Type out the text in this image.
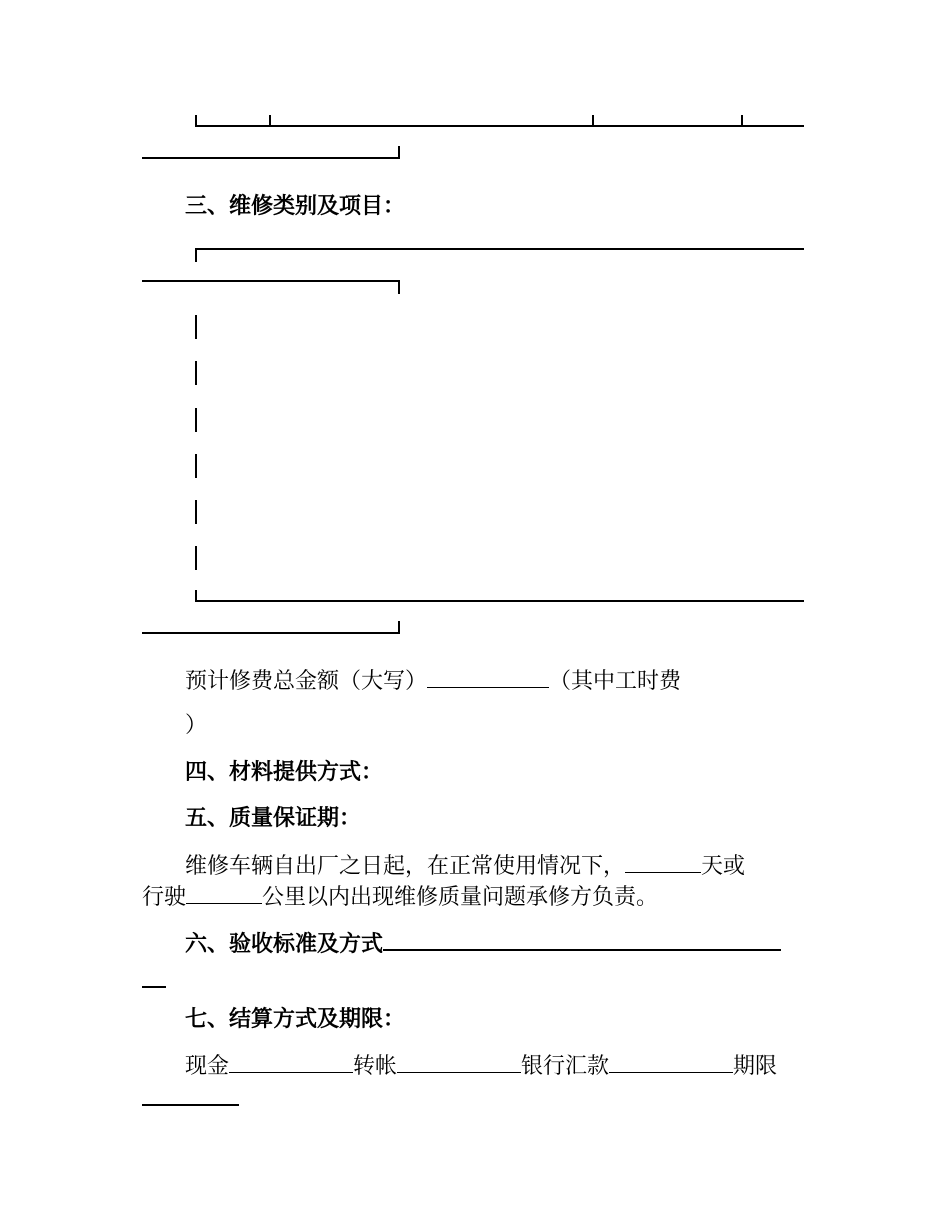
三、维修类别及项目：
预计修费总金额（大写）	（其中工时费
）
四、材料提供方式：
五、质量保证期：
维修车辆自出厂之日起，在正常使用情况下，	天或
行驶	公里以内出现维修质量问题承修方负责。
六、验收标准及方式
七、结算方式及期限：
现金	转帐	银行汇款	期限
